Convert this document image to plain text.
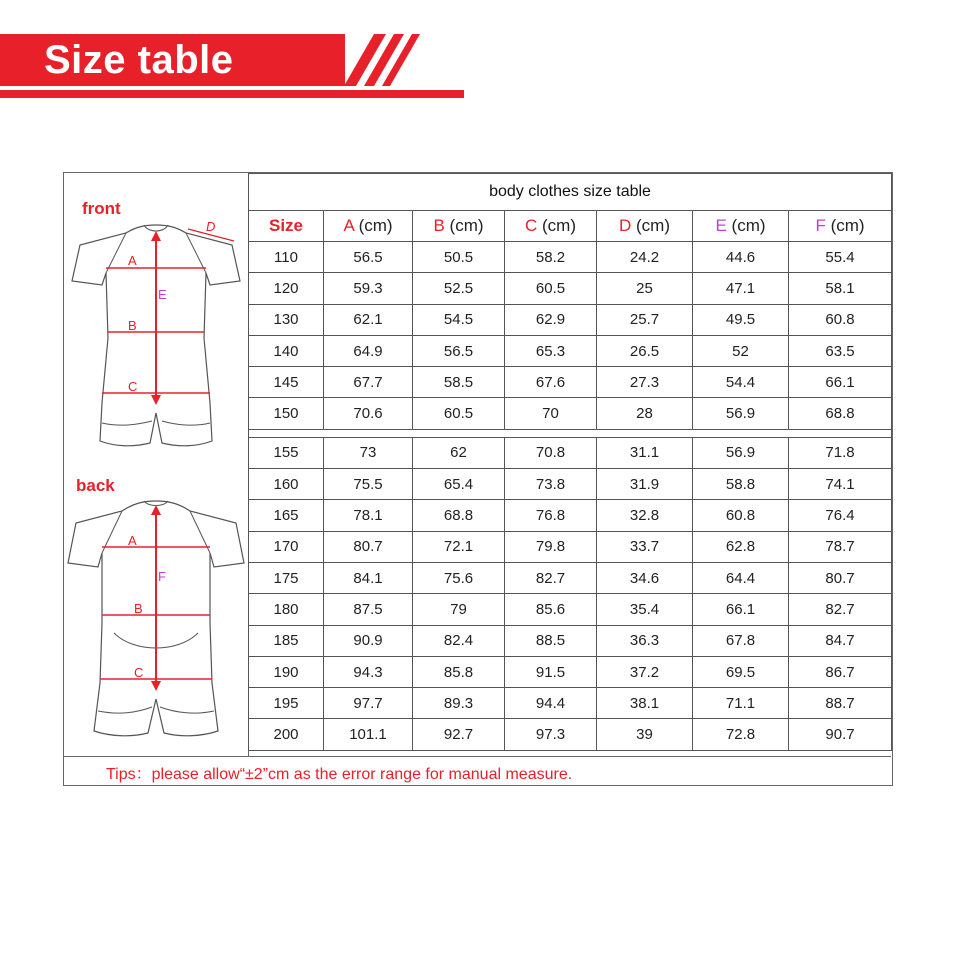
Size table
front
A
B
C
D
E
back
A
B
C
F
body clothes size table						
Size	A (cm)	B (cm)	C (cm)	D (cm)	E (cm)	F (cm)
110	56.5	50.5	58.2	24.2	44.6	55.4
120	59.3	52.5	60.5	25	47.1	58.1
130	62.1	54.5	62.9	25.7	49.5	60.8
140	64.9	56.5	65.3	26.5	52	63.5
145	67.7	58.5	67.6	27.3	54.4	66.1
150	70.6	60.5	70	28	56.9	68.8

155	73	62	70.8	31.1	56.9	71.8
160	75.5	65.4	73.8	31.9	58.8	74.1
165	78.1	68.8	76.8	32.8	60.8	76.4
170	80.7	72.1	79.8	33.7	62.8	78.7
175	84.1	75.6	82.7	34.6	64.4	80.7
180	87.5	79	85.6	35.4	66.1	82.7
185	90.9	82.4	88.5	36.3	67.8	84.7
190	94.3	85.8	91.5	37.2	69.5	86.7
195	97.7	89.3	94.4	38.1	71.1	88.7
200	101.1	92.7	97.3	39	72.8	90.7
Tips：please allow“±2”cm as the error range for manual measure.
